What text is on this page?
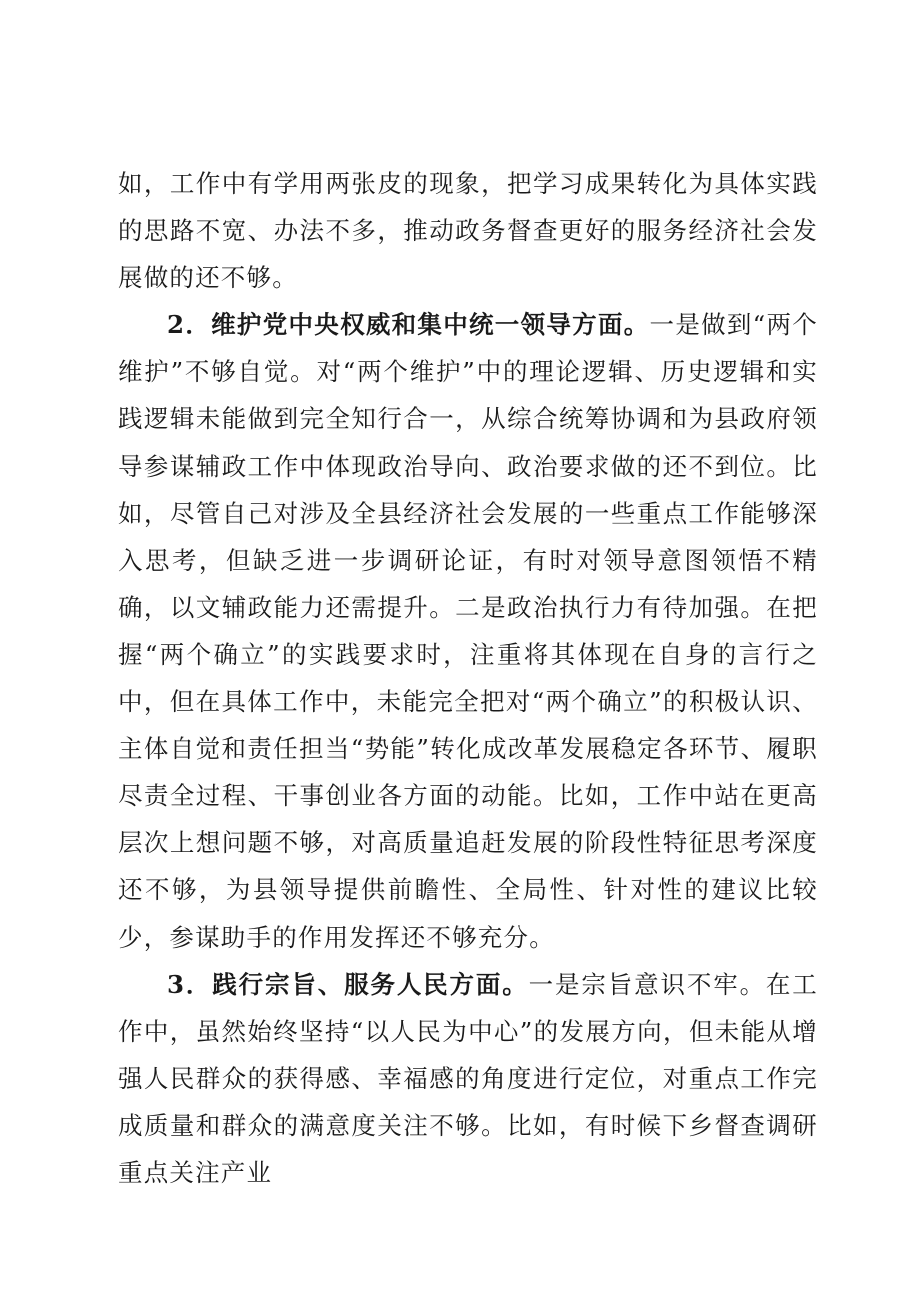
如，工作中有学用两张皮的现象，把学习成果转化为具体实践的思路不宽、办法不多，推动政务督查更好的服务经济社会发展做的还不够。

2．维护党中央权威和集中统一领导方面。一是做到“两个维护”不够自觉。对“两个维护”中的理论逻辑、历史逻辑和实践逻辑未能做到完全知行合一，从综合统筹协调和为县政府领导参谋辅政工作中体现政治导向、政治要求做的还不到位。比如，尽管自己对涉及全县经济社会发展的一些重点工作能够深入思考，但缺乏进一步调研论证，有时对领导意图领悟不精确，以文辅政能力还需提升。二是政治执行力有待加强。在把握“两个确立”的实践要求时，注重将其体现在自身的言行之中，但在具体工作中，未能完全把对“两个确立”的积极认识、主体自觉和责任担当“势能”转化成改革发展稳定各环节、履职尽责全过程、干事创业各方面的动能。比如，工作中站在更高层次上想问题不够，对高质量追赶发展的阶段性特征思考深度还不够，为县领导提供前瞻性、全局性、针对性的建议比较少，参谋助手的作用发挥还不够充分。

3．践行宗旨、服务人民方面。一是宗旨意识不牢。在工作中，虽然始终坚持“以人民为中心”的发展方向，但未能从增强人民群众的获得感、幸福感的角度进行定位，对重点工作完成质量和群众的满意度关注不够。比如，有时候下乡督查调研重点关注产业
